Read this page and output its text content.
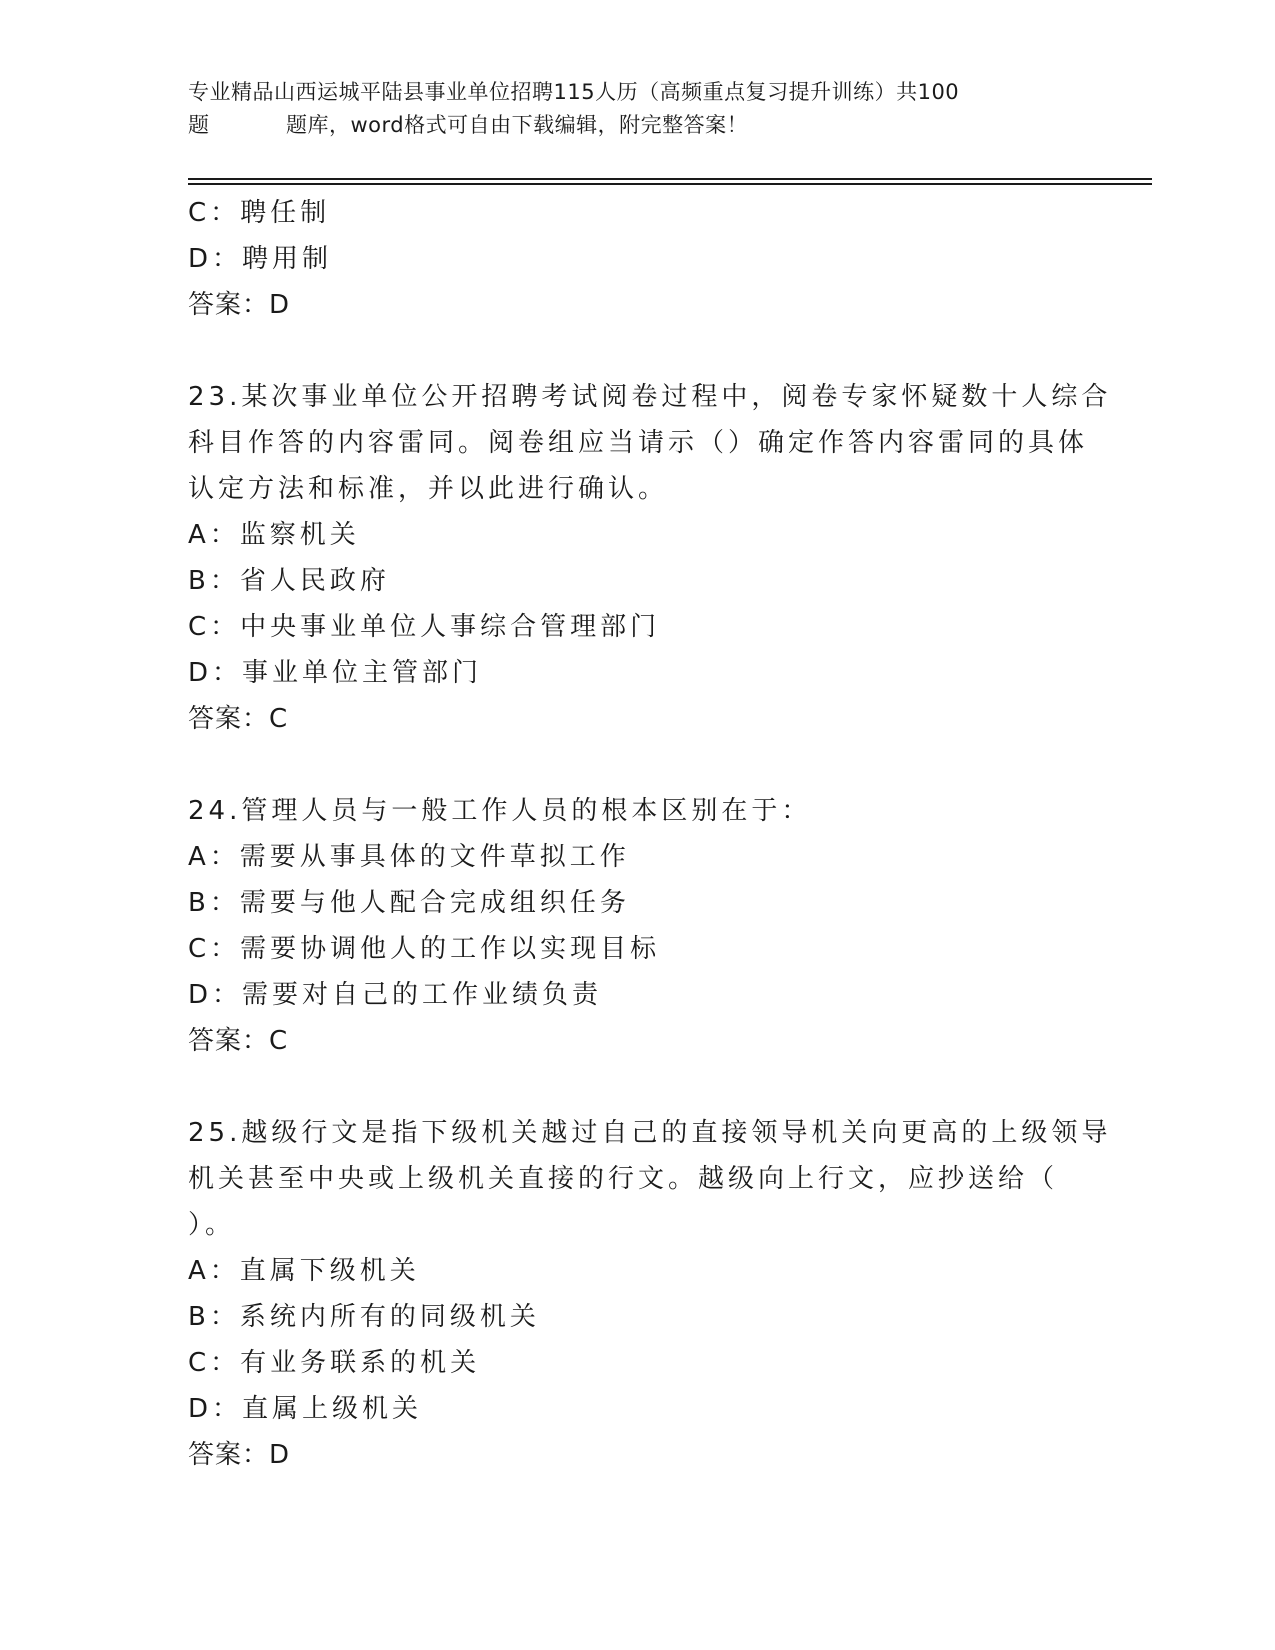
专业精品山西运城平陆县事业单位招聘115人历（高频重点复习提升训练）共100
题	题库，word格式可自由下载编辑，附完整答案！

C：聘任制

D：聘用制

答案：D

23.某次事业单位公开招聘考试阅卷过程中，阅卷专家怀疑数十人综合

科目作答的内容雷同。阅卷组应当请示（）确定作答内容雷同的具体

认定方法和标准，并以此进行确认。

A：监察机关

B：省人民政府

C：中央事业单位人事综合管理部门

D：事业单位主管部门

答案：C

24.管理人员与一般工作人员的根本区别在于：

A：需要从事具体的文件草拟工作

B：需要与他人配合完成组织任务

C：需要协调他人的工作以实现目标

D：需要对自己的工作业绩负责

答案：C

25.越级行文是指下级机关越过自己的直接领导机关向更高的上级领导

机关甚至中央或上级机关直接的行文。越级向上行文，应抄送给（

）。

A：直属下级机关

B：系统内所有的同级机关

C：有业务联系的机关

D：直属上级机关

答案：D
